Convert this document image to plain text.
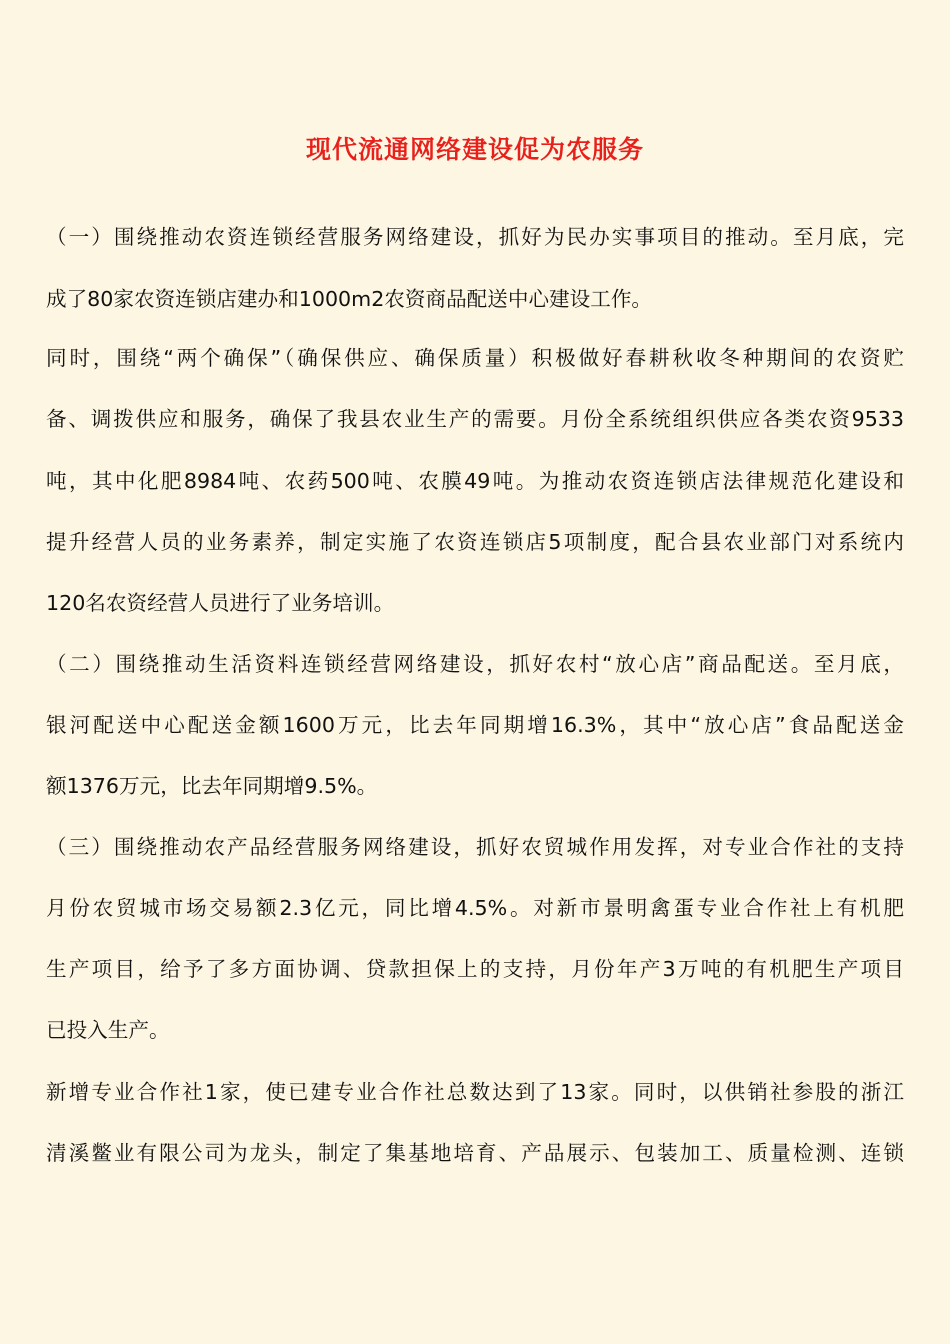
现代流通网络建设促为农服务
（一）围绕推动农资连锁经营服务网络建设，抓好为民办实事项目的推动。至月底，完
成了80家农资连锁店建办和1000m2农资商品配送中心建设工作。
同时，围绕“两个确保”（确保供应、确保质量）积极做好春耕秋收冬种期间的农资贮
备、调拨供应和服务，确保了我县农业生产的需要。月份全系统组织供应各类农资9533
吨，其中化肥8984吨、农药500吨、农膜49吨。为推动农资连锁店法律规范化建设和
提升经营人员的业务素养，制定实施了农资连锁店5项制度，配合县农业部门对系统内
120名农资经营人员进行了业务培训。
（二）围绕推动生活资料连锁经营网络建设，抓好农村“放心店”商品配送。至月底，
银河配送中心配送金额1600万元，比去年同期增16.3%，其中“放心店”食品配送金
额1376万元，比去年同期增9.5%。
（三）围绕推动农产品经营服务网络建设，抓好农贸城作用发挥，对专业合作社的支持
月份农贸城市场交易额2.3亿元，同比增4.5%。对新市景明禽蛋专业合作社上有机肥
生产项目，给予了多方面协调、贷款担保上的支持，月份年产3万吨的有机肥生产项目
已投入生产。
新增专业合作社1家，使已建专业合作社总数达到了13家。同时，以供销社参股的浙江
清溪鳖业有限公司为龙头，制定了集基地培育、产品展示、包装加工、质量检测、连锁
